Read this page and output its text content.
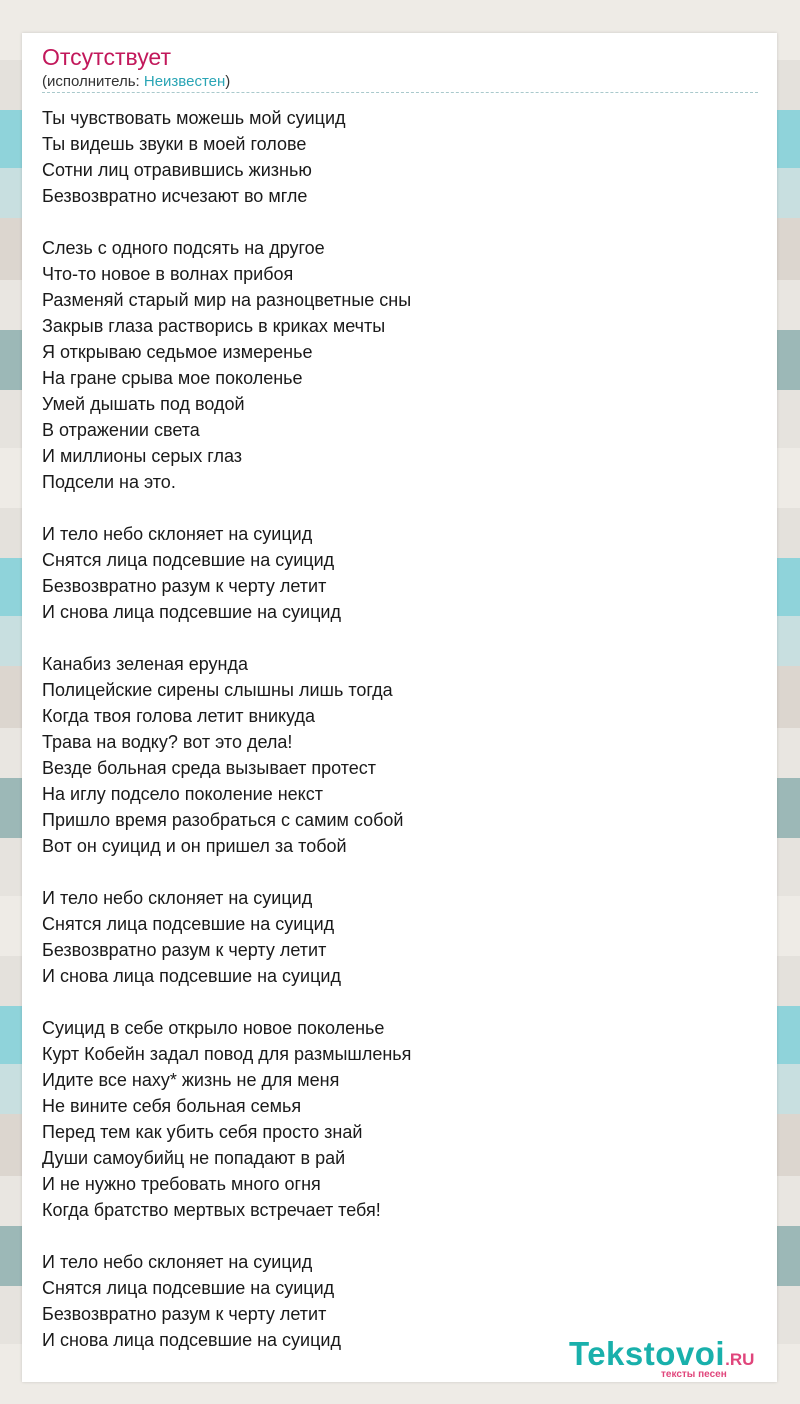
Отсутствует
(исполнитель: Неизвестен)
Ты чувствовать можешь мой суицид
Ты видешь звуки в моей голове
Сотни лиц отравившись жизнью
Безвозвратно исчезают во мгле
Слезь с одного подсять на другое
Что-то новое в волнах прибоя
Разменяй старый мир на разноцветные сны
Закрыв глаза растворись в криках мечты
Я открываю седьмое измеренье
На гране срыва мое поколенье
Умей дышать под водой
В отражении света
И миллионы серых глаз
Подсели на это.
И тело небо склоняет на суицид
Снятся лица подсевшие на суицид
Безвозвратно разум к черту летит
И снова лица подсевшие на суицид
Канабиз зеленая ерунда
Полицейские сирены слышны лишь тогда
Когда твоя голова летит вникуда
Трава на водку? вот это дела!
Везде больная среда вызывает протест
На иглу подсело поколение некст
Пришло время разобраться с самим собой
Вот он суицид и он пришел за тобой
И тело небо склоняет на суицид
Снятся лица подсевшие на суицид
Безвозвратно разум к черту летит
И снова лица подсевшие на суицид
Суицид в себе открыло новое поколенье
Курт Кобейн задал повод для размышленья
Идите все наху* жизнь не для меня
Не вините себя больная семья
Перед тем как убить себя просто знай
Души самоубийц не попадают в рай
И не нужно требовать много огня
Когда братство мертвых встречает тебя!
И тело небо склоняет на суицид
Снятся лица подсевшие на суицид
Безвозвратно разум к черту летит
И снова лица подсевшие на суицид	Tekstovoi.RU
тексты песен
